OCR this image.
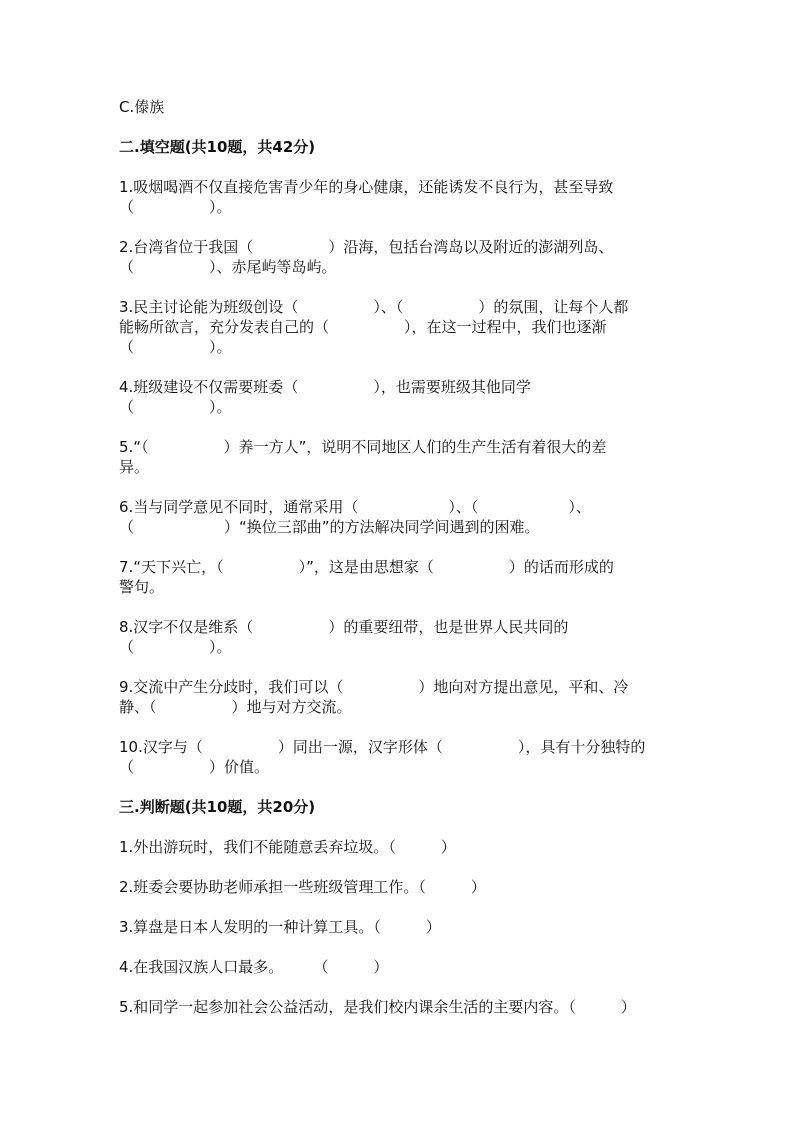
C.傣族
二.填空题(共10题，共42分)
1.吸烟喝酒不仅直接危害青少年的身心健康，还能诱发不良行为，甚至导致
（　　　　　）。
2.台湾省位于我国（　　　　　）沿海，包括台湾岛以及附近的澎湖列岛、
（　　　　　）、赤尾屿等岛屿。
3.民主讨论能为班级创设（　　　　　）、（　　　　　）的氛围，让每个人都
能畅所欲言，充分发表自己的（　　　　　），在这一过程中，我们也逐渐
（　　　　　）。
4.班级建设不仅需要班委（　　　　　），也需要班级其他同学
（　　　　　）。
5.“（　　　　　）养一方人”，说明不同地区人们的生产生活有着很大的差
异。
6.当与同学意见不同时，通常采用（　　　　　　）、（　　　　　　）、
（　　　　　　）“换位三部曲”的方法解决同学间遇到的困难。
7.“天下兴亡，（　　　　　）”，这是由思想家（　　　　　）的话而形成的
警句。
8.汉字不仅是维系（　　　　　）的重要纽带，也是世界人民共同的
（　　　　　）。
9.交流中产生分歧时，我们可以（　　　　　）地向对方提出意见，平和、冷
静、（　　　　　）地与对方交流。
10.汉字与（　　　　　）同出一源，汉字形体（　　　　　），具有十分独特的
（　　　　　）价值。
三.判断题(共10题，共20分)
1.外出游玩时，我们不能随意丢弃垃圾。（　　　）
2.班委会要协助老师承担一些班级管理工作。（　　　）
3.算盘是日本人发明的一种计算工具。（　　　）
4.在我国汉族人口最多。　　　（　　　）
5.和同学一起参加社会公益活动，是我们校内课余生活的主要内容。（　　　）
